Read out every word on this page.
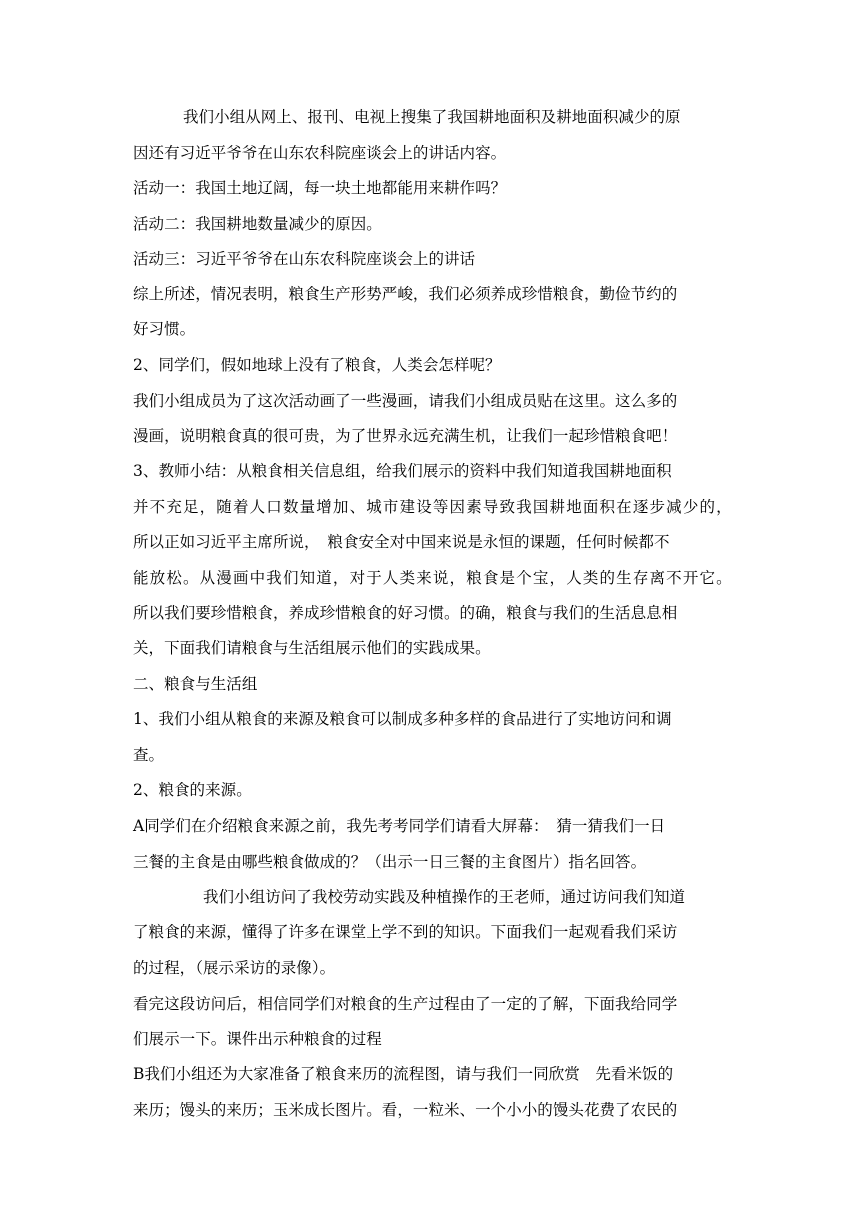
我们小组从网上、报刊、电视上搜集了我国耕地面积及耕地面积减少的原
因还有习近平爷爷在山东农科院座谈会上的讲话内容。
活动一：我国土地辽阔，每一块土地都能用来耕作吗？
活动二：我国耕地数量减少的原因。
活动三：习近平爷爷在山东农科院座谈会上的讲话
综上所述，情况表明，粮食生产形势严峻，我们必须养成珍惜粮食，勤俭节约的
好习惯。
2、同学们，假如地球上没有了粮食，人类会怎样呢？
我们小组成员为了这次活动画了一些漫画，请我们小组成员贴在这里。这么多的
漫画，说明粮食真的很可贵，为了世界永远充满生机，让我们一起珍惜粮食吧！
3、教师小结：从粮食相关信息组，给我们展示的资料中我们知道我国耕地面积
并不充足，随着人口数量增加、城市建设等因素导致我国耕地面积在逐步减少的，
所以正如习近平主席所说，　粮食安全对中国来说是永恒的课题，任何时候都不
能放松。从漫画中我们知道，对于人类来说，粮食是个宝，人类的生存离不开它。
所以我们要珍惜粮食，养成珍惜粮食的好习惯。的确，粮食与我们的生活息息相
关，下面我们请粮食与生活组展示他们的实践成果。
二、粮食与生活组
1、我们小组从粮食的来源及粮食可以制成多种多样的食品进行了实地访问和调
查。
2、粮食的来源。
A同学们在介绍粮食来源之前，我先考考同学们请看大屏幕：　猜一猜我们一日
三餐的主食是由哪些粮食做成的？（出示一日三餐的主食图片）指名回答。
我们小组访问了我校劳动实践及种植操作的王老师，通过访问我们知道
了粮食的来源，懂得了许多在课堂上学不到的知识。下面我们一起观看我们采访
的过程，（展示采访的录像）。
看完这段访问后，相信同学们对粮食的生产过程由了一定的了解，下面我给同学
们展示一下。课件出示种粮食的过程
B我们小组还为大家准备了粮食来历的流程图，请与我们一同欣赏　先看米饭的
来历；馒头的来历；玉米成长图片。看，一粒米、一个小小的馒头花费了农民的
